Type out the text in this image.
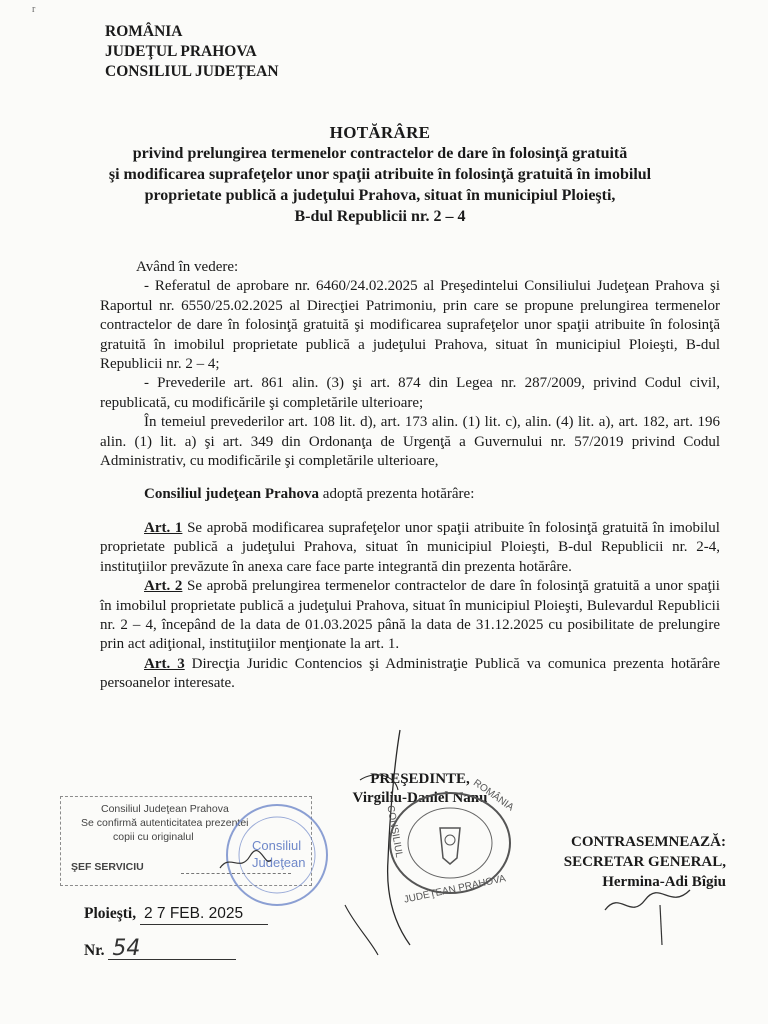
r
ROMÂNIA
JUDEŢUL PRAHOVA
CONSILIUL JUDEŢEAN
HOTĂRÂRE
privind prelungirea termenelor contractelor de dare în folosinţă gratuită
şi modificarea suprafeţelor unor spaţii atribuite în folosinţă gratuită în imobilul
proprietate publică a judeţului Prahova, situat în municipiul Ploieşti,
B-dul Republicii nr. 2 – 4

Având în vedere:

- Referatul de aprobare nr. 6460/24.02.2025 al Preşedintelui Consiliului Judeţean Prahova şi Raportul nr. 6550/25.02.2025 al Direcţiei Patrimoniu, prin care se propune prelungirea termenelor contractelor de dare în folosinţă gratuită şi modificarea suprafeţelor unor spaţii atribuite în folosinţă gratuită în imobilul proprietate publică a judeţului Prahova, situat în municipiul Ploieşti, B-dul Republicii nr. 2 – 4;

- Prevederile art. 861 alin. (3) şi art. 874 din Legea nr. 287/2009, privind Codul civil, republicată, cu modificările şi completările ulterioare;

În temeiul prevederilor art. 108 lit. d), art. 173 alin. (1) lit. c), alin. (4) lit. a), art. 182, art. 196 alin. (1) lit. a) şi art. 349 din Ordonanţa de Urgenţă a Guvernului nr. 57/2019 privind Codul Administrativ, cu modificările şi completările ulterioare,

Consiliul judeţean Prahova adoptă prezenta hotărâre:

Art. 1 Se aprobă modificarea suprafeţelor unor spaţii atribuite în folosinţă gratuită în imobilul proprietate publică a judeţului Prahova, situat în municipiul Ploieşti, B-dul Republicii nr. 2-4, instituţiilor prevăzute în anexa care face parte integrantă din prezenta hotărâre.

Art. 2 Se aprobă prelungirea termenelor contractelor de dare în folosinţă gratuită a unor spaţii în imobilul proprietate publică a judeţului Prahova, situat în municipiul Ploieşti, Bulevardul Republicii nr. 2 – 4, începând de la data de 01.03.2025 până la data de 31.12.2025 cu posibilitate de prelungire prin act adiţional, instituţiilor menţionate la art. 1.

Art. 3 Direcţia Juridic Contencios şi Administraţie Publică va comunica prezenta hotărâre persoanelor interesate.

PREŞEDINTE,
Virgiliu-Daniel Nanu
ROMÂNIA
JUDEŢEAN PRAHOVA
CONSILIUL	CONTRASEMNEAZĂ:
SECRETAR GENERAL,
Hermina-Adi Bîgiu
Consiliul Judeţean Prahova
Se confirmă autenticitatea prezentei
copii cu originalul
ŞEF SERVICIU
Consiliul
Judeţean
Ploieşti, 2 7 FEB. 2025
Nr. 54
